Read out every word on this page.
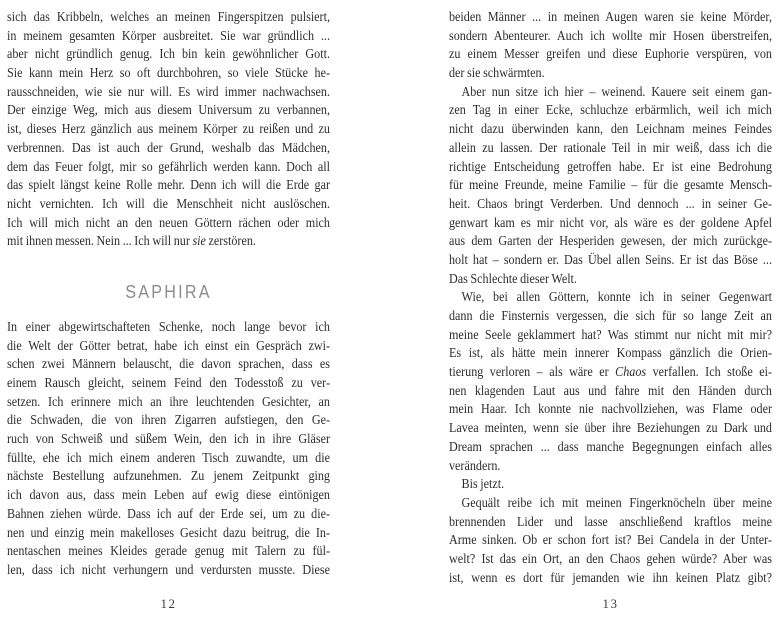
sich das Kribbeln, welches an meinen Fingerspitzen pulsiert,
in meinem gesamten Körper ausbreitet. Sie war gründlich ...
aber nicht gründlich genug. Ich bin kein gewöhnlicher Gott.
Sie kann mein Herz so oft durchbohren, so viele Stücke he-
rausschneiden, wie sie nur will. Es wird immer nachwachsen.
Der einzige Weg, mich aus diesem Universum zu verbannen,
ist, dieses Herz gänzlich aus meinem Körper zu reißen und zu
verbrennen. Das ist auch der Grund, weshalb das Mädchen,
dem das Feuer folgt, mir so gefährlich werden kann. Doch all
das spielt längst keine Rolle mehr. Denn ich will die Erde gar
nicht vernichten. Ich will die Menschheit nicht auslöschen.
Ich will mich nicht an den neuen Göttern rächen oder mich
mit ihnen messen. Nein ... Ich will nur sie zerstören.
SAPHIRA
In einer abgewirtschafteten Schenke, noch lange bevor ich
die Welt der Götter betrat, habe ich einst ein Gespräch zwi-
schen zwei Männern belauscht, die davon sprachen, dass es
einem Rausch gleicht, seinem Feind den Todesstoß zu ver-
setzen. Ich erinnere mich an ihre leuchtenden Gesichter, an
die Schwaden, die von ihren Zigarren aufstiegen, den Ge-
ruch von Schweiß und süßem Wein, den ich in ihre Gläser
füllte, ehe ich mich einem anderen Tisch zuwandte, um die
nächste Bestellung aufzunehmen. Zu jenem Zeitpunkt ging
ich davon aus, dass mein Leben auf ewig diese eintönigen
Bahnen ziehen würde. Dass ich auf der Erde sei, um zu die-
nen und einzig mein makelloses Gesicht dazu beitrug, die In-
nentaschen meines Kleides gerade genug mit Talern zu fül-
len, dass ich nicht verhungern und verdursten musste. Diese
12
beiden Männer ... in meinen Augen waren sie keine Mörder,
sondern Abenteurer. Auch ich wollte mir Hosen überstreifen,
zu einem Messer greifen und diese Euphorie verspüren, von
der sie schwärmten.
Aber nun sitze ich hier – weinend. Kauere seit einem gan-
zen Tag in einer Ecke, schluchze erbärmlich, weil ich mich
nicht dazu überwinden kann, den Leichnam meines Feindes
allein zu lassen. Der rationale Teil in mir weiß, dass ich die
richtige Entscheidung getroffen habe. Er ist eine Bedrohung
für meine Freunde, meine Familie – für die gesamte Mensch-
heit. Chaos bringt Verderben. Und dennoch ... in seiner Ge-
genwart kam es mir nicht vor, als wäre es der goldene Apfel
aus dem Garten der Hesperiden gewesen, der mich zurückge-
holt hat – sondern er. Das Übel allen Seins. Er ist das Böse ...
Das Schlechte dieser Welt.
Wie, bei allen Göttern, konnte ich in seiner Gegenwart
dann die Finsternis vergessen, die sich für so lange Zeit an
meine Seele geklammert hat? Was stimmt nur nicht mit mir?
Es ist, als hätte mein innerer Kompass gänzlich die Orien-
tierung verloren – als wäre er Chaos verfallen. Ich stoße ei-
nen klagenden Laut aus und fahre mit den Händen durch
mein Haar. Ich konnte nie nachvollziehen, was Flame oder
Lavea meinten, wenn sie über ihre Beziehungen zu Dark und
Dream sprachen ... dass manche Begegnungen einfach alles
verändern.
Bis jetzt.
Gequält reibe ich mit meinen Fingerknöcheln über meine
brennenden Lider und lasse anschließend kraftlos meine
Arme sinken. Ob er schon fort ist? Bei Candela in der Unter-
welt? Ist das ein Ort, an den Chaos gehen würde? Aber was
ist, wenn es dort für jemanden wie ihn keinen Platz gibt?
13
